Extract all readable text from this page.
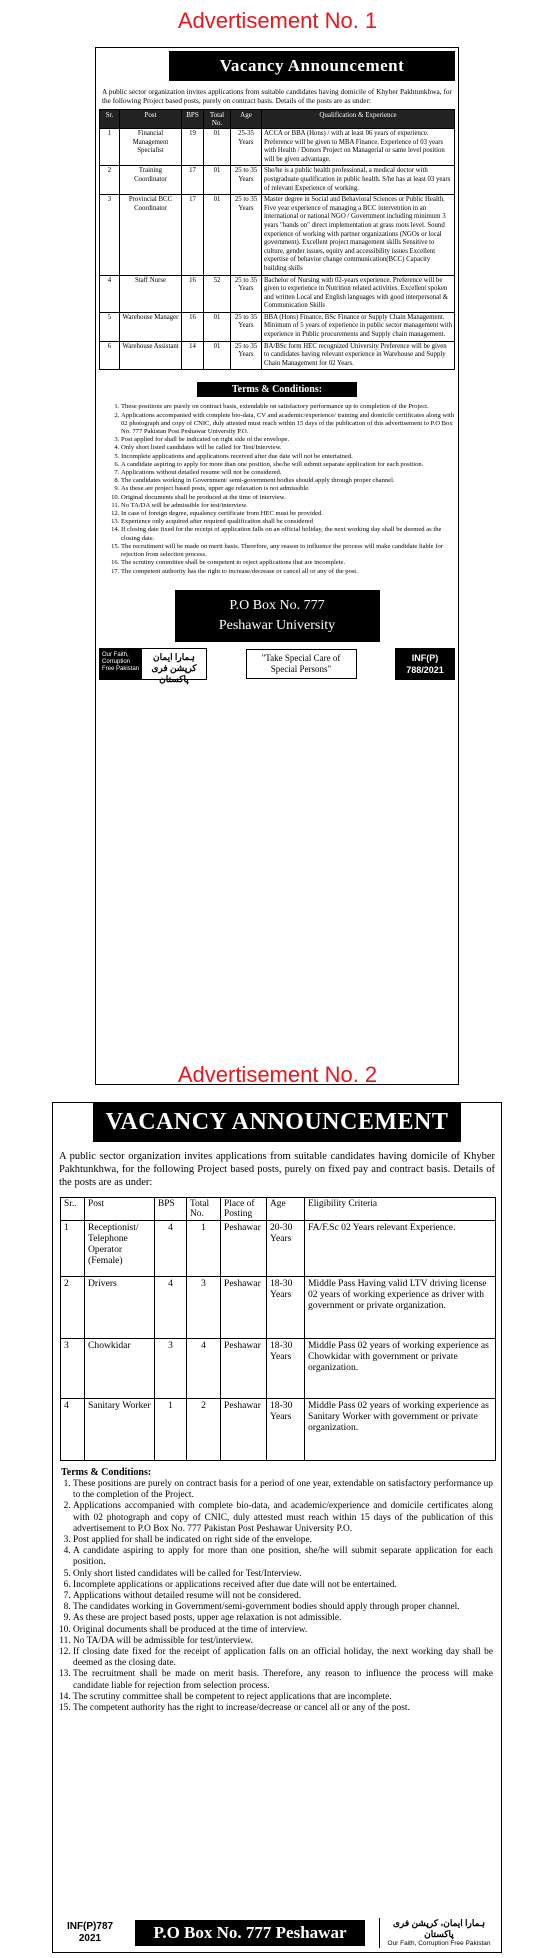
Advertisement No. 1
Vacancy Announcement
A public sector organization invites applications from suitable candidates having domicile of Khyber Pakhtunkhwa, for the following Project based posts, purely on contract basis. Details of the posts are as under:
Sr.	Post	BPS	Total No.	Age	Qualification & Experience
1	Financial Management Specialist	19	01	25-35 Years	ACCA or BBA (Hons) / with at least 06 years of experience. Preference will be given to MBA Finance. Experience of 03 years with Health / Donors Project on Managerial or same level position will be given advantage.
2	Training Coordinator	17	01	25 to 35 Years	She/he is a public health professional, a medical doctor with postgraduate qualification in public health. S/he has at least 03 years of relevant Experience of working.
3	Provincial BCC Coordinator	17	01	25 to 35 Years	Master degree in Social and Behavioral Sciences or Public Health. Five year experience of managing a BCC intervention in an international or national NGO / Government including minimum 3 years "hands on" direct implementation at grass roots level. Sound experience of working with partner organizations (NGOs or local government). Excellent project management skills Sensitive to culture, gender issues, equity and accessibility issues Excellent expertise of behavior change communication(BCC) Capacity building skills
4	Staff Nurse	16	52	25 to 35 Years	Bachelor of Nursing with 02-years experience. Preference will be given to experience in Nutrition related activities. Excellent spoken and written Local and English languages with good interpersonal & Communication Skills
5	Warehouse Manager	16	01	25 to 35 Years	BBA (Hons) Finance, BSc Finance or Supply Chain Management. Minimum of 5 years of experience in public sector management with experience in Public procurements and Supply chain management.
6	Warehouse Assistant	14	01	25 to 35 Years	BA/BSc form HEC recognized University Preference will be given to candidates having relevant experience in Warehouse and Supply Chain Management for 02 Years.
Terms & Conditions:
1. These positions are purely on contract basis, extendable on satisfactory performance up to completion of the Project.
2. Applications accompanied with complete bio-data, CV and academic/experience/ training and domicile certificates along with 02 photograph and copy of CNIC, duly attested must reach within 15 days of the publication of this advertisement to P.O Box No. 777 Pakistan Post Peshawar University P.O.
3. Post applied for shall be indicated on right side of the envelope.
4. Only short listed candidates will be called for Test/Interview.
5. Incomplete applications and applications received after due date will not be entertained.
6. A candidate aspiring to apply for more than one position, she/he will submit separate application for each position.
7. Applications without detailed resume will not be considered.
8. The candidates working in Government/ semi-government bodies should apply through proper channel.
9. As these are project based posts, upper age relaxation is not admissible.
10. Original documents shall be produced at the time of interview.
11. No TA/DA will be admissible for test/interview.
12. In case of foreign degree, equalency certificate from HEC must be provided.
13. Experience only acquired after required qualification shall be considered
14. If closing date fixed for the receipt of application falls on an official holiday, the next working day shall be deemed as the closing date.
15. The recruitment will be made on merit basis. Therefore, any reason to influence the process will make candidate liable for rejection from selection process.
16. The scrutiny committee shall be competent to reject applications that are incomplete.
17. The competent authority has the right to increase/decrease or cancel all or any of the post.
P.O Box No. 777
Peshawar University
Our Faith, Corruption Free Pakistan
ہمارا ایمان کرپشن فری پاکستان
"Take Special Care of Special Persons"
INF(P)
788/2021
Advertisement No. 2
VACANCY ANNOUNCEMENT
A public sector organization invites applications from suitable candidates having domicile of Khyber Pakhtunkhwa, for the following Project based posts, purely on fixed pay and contract basis. Details of the posts are as under:
Sr..	Post	BPS	Total No.	Place of Posting	Age	Eligibility Criteria
1	Receptionist/ Telephone Operator (Female)	4	1	Peshawar	20-30 Years	FA/F.Sc 02 Years relevant Experience.
2	Drivers	4	3	Peshawar	18-30 Years	Middle Pass Having valid LTV driving license 02 years of working experience as driver with government or private organization.
3	Chowkidar	3	4	Peshawar	18-30 Years	Middle Pass 02 years of working experience as Chowkidar with government or private organization.
4	Sanitary Worker	1	2	Peshawar	18-30 Years	Middle Pass 02 years of working experience as Sanitary Worker with government or private organization.
Terms & Conditions:
1. These positions are purely on contract basis for a period of one year, extendable on satisfactory performance up to the completion of the Project.
2. Applications accompanied with complete bio-data, and academic/experience and domicile certificates along with 02 photograph and copy of CNIC, duly attested must reach within 15 days of the publication of this advertisement to P.O Box No. 777 Pakistan Post Peshawar University P.O.
3. Post applied for shall be indicated on right side of the envelope.
4. A candidate aspiring to apply for more than one position, she/he will submit separate application for each position.
5. Only short listed candidates will be called for Test/Interview.
6. Incomplete applications or applications received after due date will not be entertained.
7. Applications without detailed resume will not be considered.
8. The candidates working in Government/semi-government bodies should apply through proper channel.
9. As these are project based posts, upper age relaxation is not admissible.
10. Original documents shall be produced at the time of interview.
11. No TA/DA will be admissible for test/interview.
12. If closing date fixed for the receipt of application falls on an official holiday, the next working day shall be deemed as the closing date.
13. The recruitment shall be made on merit basis. Therefore, any reason to influence the process will make candidate liable for rejection from selection process.
14. The scrutiny committee shall be competent to reject applications that are incomplete.
15. The competent authority has the right to increase/decrease or cancel all or any of the post.
INF(P)787
2021	P.O Box No. 777 Peshawar	ہمارا ایمان، کرپشن فری پاکستان
Our Faith, Corruption Free Pakistan
